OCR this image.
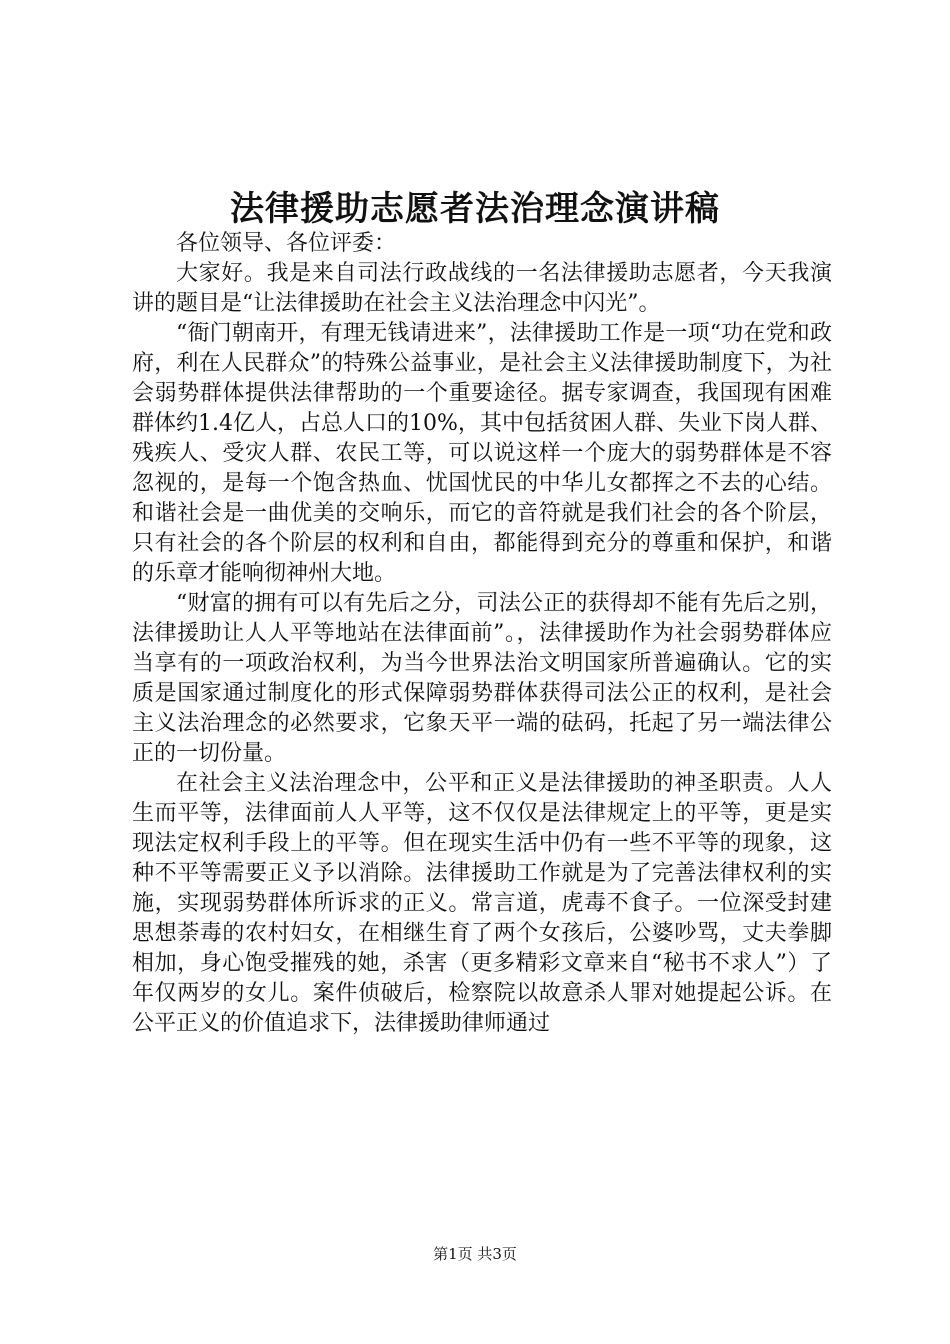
法律援助志愿者法治理念演讲稿

各位领导、各位评委：

大家好。我是来自司法行政战线的一名法律援助志愿者，今天我演讲的题目是“让法律援助在社会主义法治理念中闪光”。

“衙门朝南开，有理无钱请进来”，法律援助工作是一项“功在党和政府，利在人民群众”的特殊公益事业，是社会主义法律援助制度下，为社会弱势群体提供法律帮助的一个重要途径。据专家调查，我国现有困难群体约1.4亿人，占总人口的10%，其中包括贫困人群、失业下岗人群、残疾人、受灾人群、农民工等，可以说这样一个庞大的弱势群体是不容忽视的，是每一个饱含热血、忧国忧民的中华儿女都挥之不去的心结。和谐社会是一曲优美的交响乐，而它的音符就是我们社会的各个阶层，只有社会的各个阶层的权利和自由，都能得到充分的尊重和保护，和谐的乐章才能响彻神州大地。

“财富的拥有可以有先后之分，司法公正的获得却不能有先后之别，法律援助让人人平等地站在法律面前”。，法律援助作为社会弱势群体应当享有的一项政治权利，为当今世界法治文明国家所普遍确认。它的实质是国家通过制度化的形式保障弱势群体获得司法公正的权利，是社会主义法治理念的必然要求，它象天平一端的砝码，托起了另一端法律公正的一切份量。

在社会主义法治理念中，公平和正义是法律援助的神圣职责。人人生而平等，法律面前人人平等，这不仅仅是法律规定上的平等，更是实现法定权利手段上的平等。但在现实生活中仍有一些不平等的现象，这种不平等需要正义予以消除。法律援助工作就是为了完善法律权利的实施，实现弱势群体所诉求的正义。常言道，虎毒不食子。一位深受封建思想荼毒的农村妇女，在相继生育了两个女孩后，公婆吵骂，丈夫拳脚相加，身心饱受摧残的她，杀害（更多精彩文章来自“秘书不求人”）了年仅两岁的女儿。案件侦破后，检察院以故意杀人罪对她提起公诉。在公平正义的价值追求下，法律援助律师通过

第1页 共3页
